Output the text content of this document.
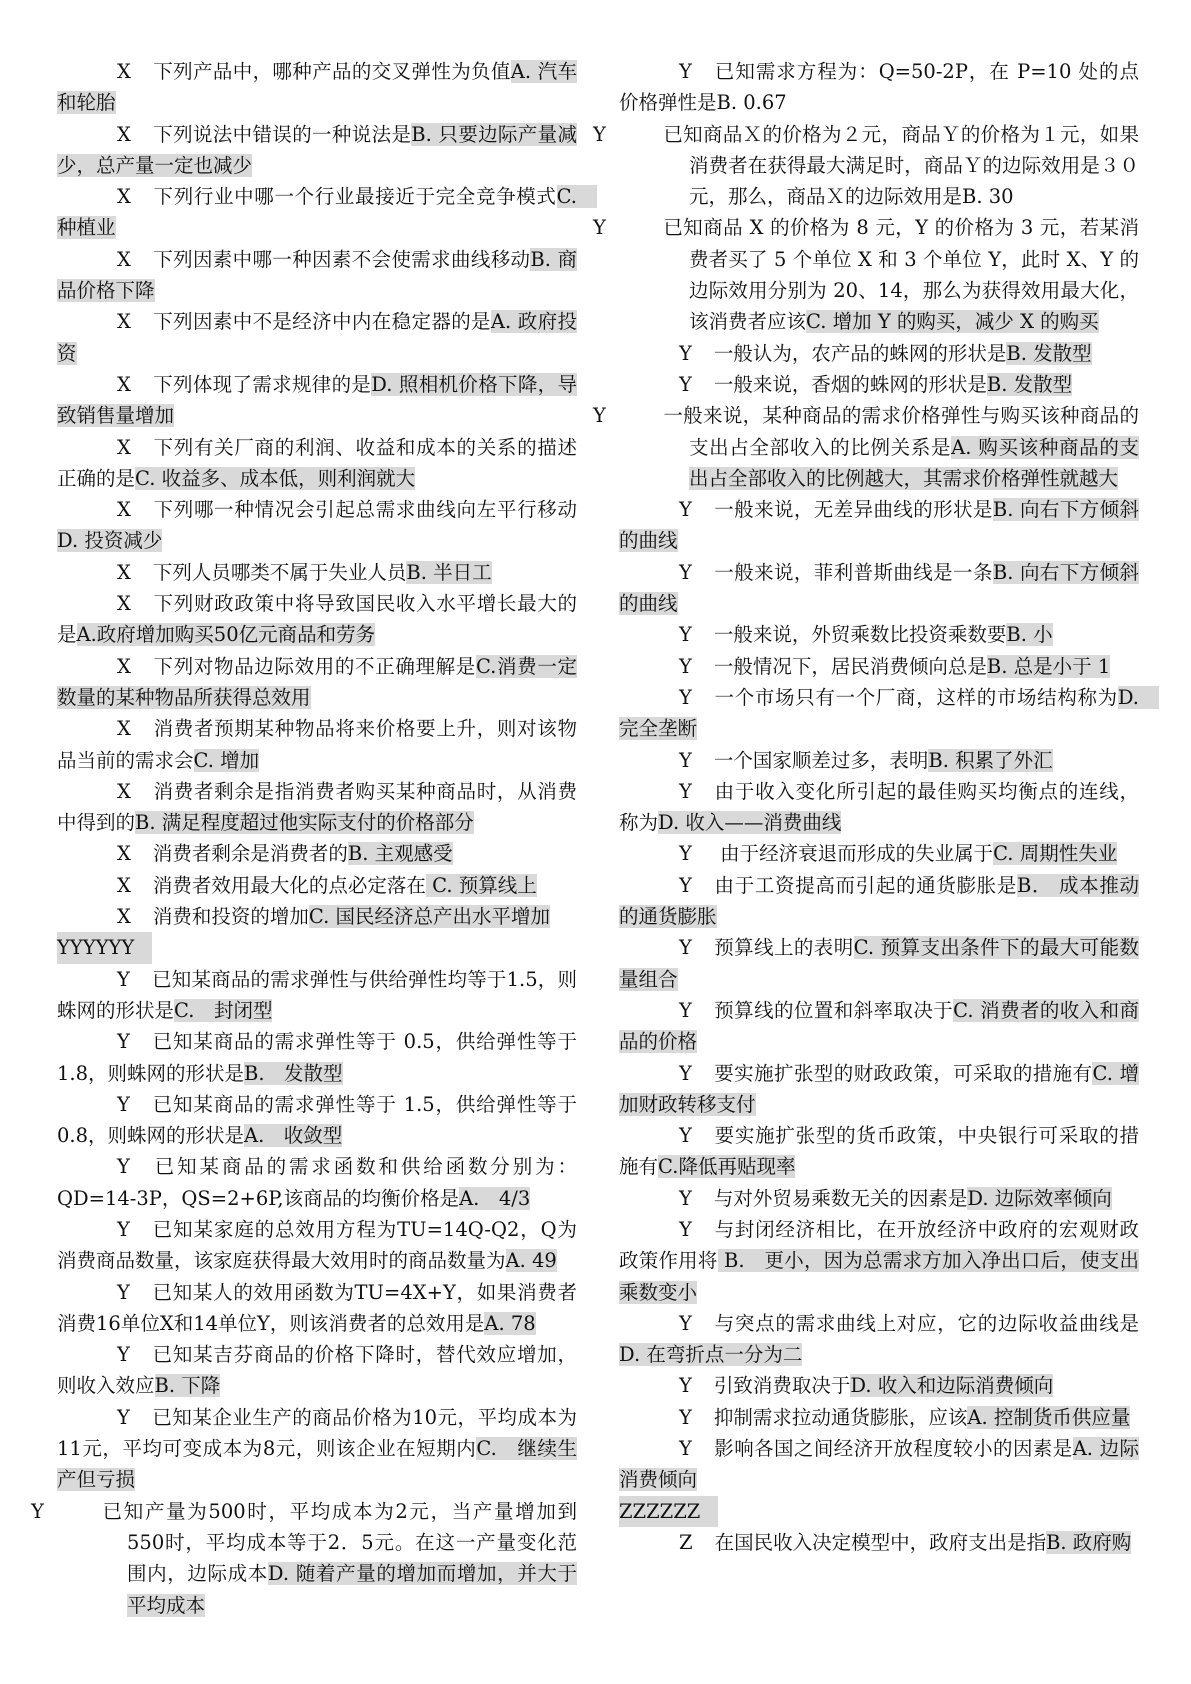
X 下列产品中，哪种产品的交叉弹性为负值A. 汽车和轮胎

X 下列说法中错误的一种说法是B. 只要边际产量减少，总产量一定也减少

X 下列行业中哪一个行业最接近于完全竞争模式C.　种植业

X 下列因素中哪一种因素不会使需求曲线移动B. 商品价格下降

X 下列因素中不是经济中内在稳定器的是A. 政府投资

X 下列体现了需求规律的是D. 照相机价格下降，导致销售量增加

X 下列有关厂商的利润、收益和成本的关系的描述正确的是C. 收益多、成本低，则利润就大

X 下列哪一种情况会引起总需求曲线向左平行移动D. 投资减少

X 下列人员哪类不属于失业人员B. 半日工

X 下列财政政策中将导致国民收入水平增长最大的是A.政府增加购买50亿元商品和劳务

X 下列对物品边际效用的不正确理解是C.消费一定数量的某种物品所获得总效用

X 消费者预期某种物品将来价格要上升，则对该物品当前的需求会C. 增加

X 消费者剩余是指消费者购买某种商品时，从消费中得到的B. 满足程度超过他实际支付的价格部分

X 消费者剩余是消费者的B. 主观感受

X 消费者效用最大化的点必定落在 C. 预算线上

X 消费和投资的增加C. 国民经济总产出水平增加

YYYYYY

Y 已知某商品的需求弹性与供给弹性均等于1.5，则蛛网的形状是C.　封闭型

Y 已知某商品的需求弹性等于 0.5，供给弹性等于1.8，则蛛网的形状是B.　发散型

Y 已知某商品的需求弹性等于 1.5，供给弹性等于0.8，则蛛网的形状是A.　收敛型

Y 已知某商品的需求函数和供给函数分别为：QD=14-3P，QS=2+6P,该商品的均衡价格是A.　4/3

Y 已知某家庭的总效用方程为TU=14Q-Q2，Q为消费商品数量，该家庭获得最大效用时的商品数量为A. 49

Y 已知某人的效用函数为TU=4X+Y，如果消费者消费16单位X和14单位Y，则该消费者的总效用是A. 78

Y 已知某吉芬商品的价格下降时，替代效应增加，则收入效应B. 下降

Y 已知某企业生产的商品价格为10元，平均成本为11元，平均可变成本为8元，则该企业在短期内C.　继续生产但亏损

Y	已知产量为500时，平均成本为2元，当产量增加到550时，平均成本等于2．5元。在这一产量变化范围内，边际成本D. 随着产量的增加而增加，并大于平均成本

Y 已知需求方程为：Q=50-2P，在 P=10 处的点价格弹性是B. 0.67

Y	已知商品Ｘ的价格为２元，商品Ｙ的价格为１元，如果消费者在获得最大满足时，商品Ｙ的边际效用是３０元，那么，商品Ｘ的边际效用是B. 30

Y	已知商品 X 的价格为 8 元，Y 的价格为 3 元，若某消费者买了 5 个单位 X 和 3 个单位 Y，此时 X、Y 的边际效用分别为 20、14，那么为获得效用最大化，该消费者应该C. 增加 Y 的购买，减少 X 的购买

Y 一般认为，农产品的蛛网的形状是B. 发散型

Y 一般来说，香烟的蛛网的形状是B. 发散型

Y	一般来说，某种商品的需求价格弹性与购买该种商品的支出占全部收入的比例关系是A. 购买该种商品的支出占全部收入的比例越大，其需求价格弹性就越大

Y 一般来说，无差异曲线的形状是B. 向右下方倾斜的曲线

Y 一般来说，菲利普斯曲线是一条B. 向右下方倾斜的曲线

Y 一般来说，外贸乘数比投资乘数要B. 小

Y 一般情况下，居民消费倾向总是B. 总是小于 1

Y 一个市场只有一个厂商，这样的市场结构称为D.　完全垄断

Y 一个国家顺差过多，表明B. 积累了外汇

Y 由于收入变化所引起的最佳购买均衡点的连线，称为D. 收入——消费曲线

Y 由于经济衰退而形成的失业属于C. 周期性失业

Y 由于工资提高而引起的通货膨胀是B． 成本推动的通货膨胀

Y 预算线上的表明C. 预算支出条件下的最大可能数量组合

Y 预算线的位置和斜率取决于C. 消费者的收入和商品的价格

Y 要实施扩张型的财政政策，可采取的措施有C. 增加财政转移支付

Y 要实施扩张型的货币政策，中央银行可采取的措施有C.降低再贴现率

Y 与对外贸易乘数无关的因素是D. 边际效率倾向

Y 与封闭经济相比，在开放经济中政府的宏观财政政策作用将 B.　更小，因为总需求方加入净出口后，使支出乘数变小

Y 与突点的需求曲线上对应，它的边际收益曲线是D. 在弯折点一分为二

Y 引致消费取决于D. 收入和边际消费倾向

Y 抑制需求拉动通货膨胀，应该A. 控制货币供应量

Y 影响各国之间经济开放程度较小的因素是A. 边际消费倾向

ZZZZZZ

Z 在国民收入决定模型中，政府支出是指B. 政府购
